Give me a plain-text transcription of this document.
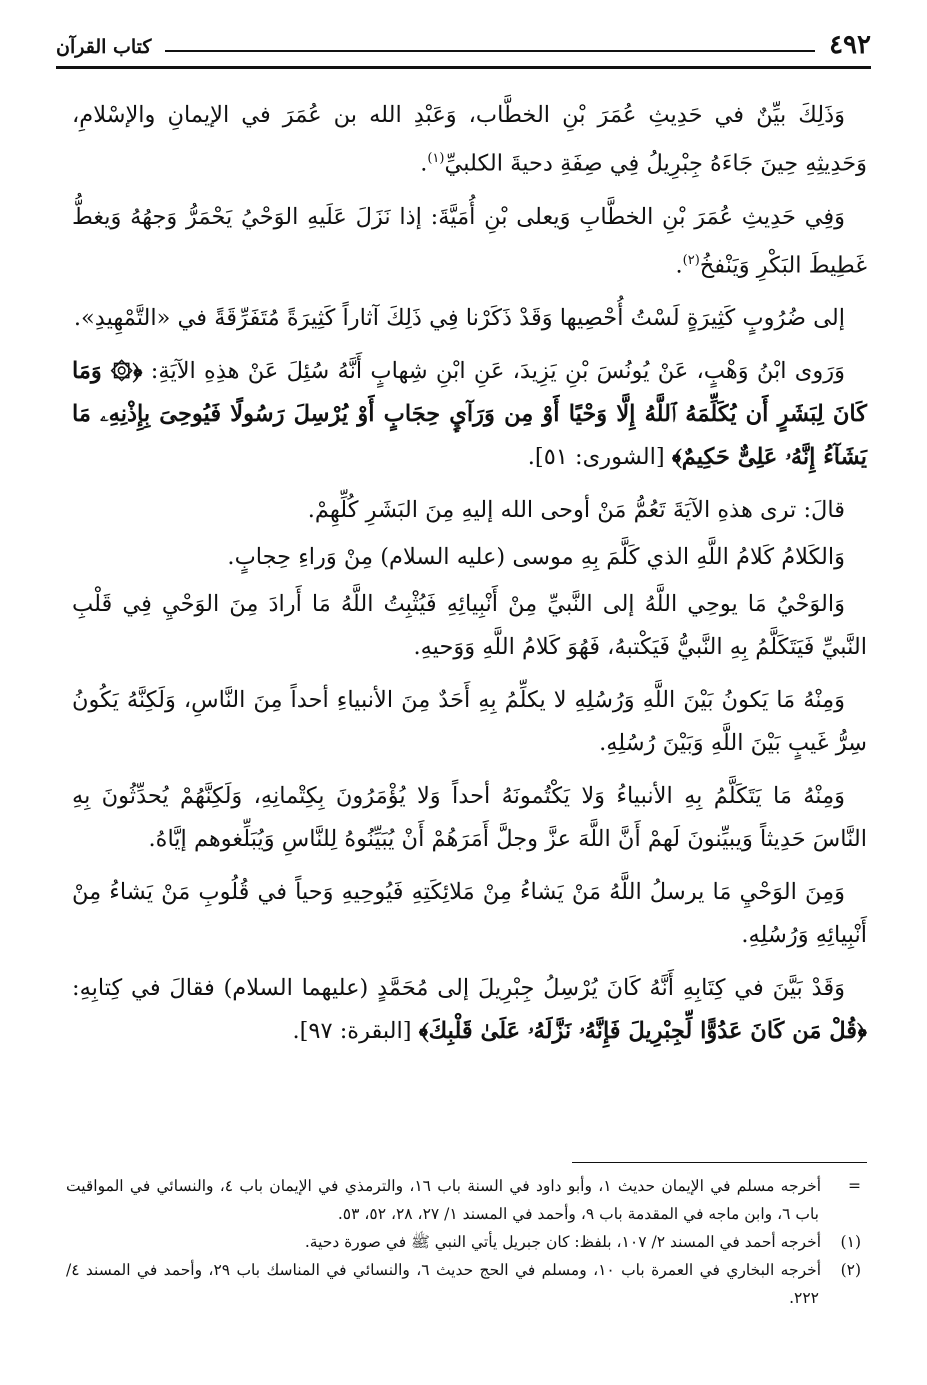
٤٩٢
كتاب القرآن

وَذَلِكَ بيِّنٌ في حَدِيثِ عُمَرَ بْنِ الخطَّاب، وَعَبْدِ الله بن عُمَرَ في الإيمانِ والإسْلامِ، وَحَدِيثِهِ حِينَ جَاءَهُ جِبْرِيلُ فِي صِفَةِ دحيةَ الكلبيِّ$^{(١)}$.

وَفِي حَدِيثِ عُمَرَ بْنِ الخطَّابِ وَيعلى بْنِ أُمَيَّةَ: إذا نَزَلَ عَلَيهِ الوَحْيُ يَحْمَرُّ وَجهُهُ وَيغطُّ غَطِيطَ البَكْرِ وَيَنْفخُ$^{(٢)}$.

إلى ضُرُوبٍ كَثِيرَةٍ لَسْتُ أُحْصِيها وَقَدْ ذَكَرْنا فِي ذَلِكَ آثاراً كَثِيرَةً مُتَفَرِّقَةً في «التَّمْهِيدِ».

وَرَوى ابْنُ وَهْبٍ، عَنْ يُونُسَ بْنِ يَزِيدَ، عَنِ ابْنِ شِهابٍ أَنَّهُ سُئِلَ عَنْ هذِهِ الآيَةِ: ﴿۞ وَمَا كَانَ لِبَشَرٍ أَن يُكَلِّمَهُ ٱللَّهُ إِلَّا وَحْيًا أَوْ مِن وَرَآيِٕ حِجَابٍ أَوْ يُرْسِلَ رَسُولًا فَيُوحِىَ بِإِذْنِهِۦ مَا يَشَآءُ إِنَّهُۥ عَلِىٌّ حَكِيمٌ﴾ [الشورى: ٥١].

قالَ: ترى هذهِ الآيَةَ تَعُمُّ مَنْ أوحى الله إليهِ مِنَ البَشَرِ كُلِّهِمْ.

وَالكَلامُ كَلامُ اللَّهِ الذي كَلَّمَ بِهِ موسى (عليه السلام) مِنْ وَراءِ حِجابٍ.

وَالوَحْيُ مَا يوحِي اللَّهُ إلى النَّبيِّ مِنْ أَنْبِيائِهِ فَيُثْبِتُ اللَّهُ مَا أَرادَ مِنَ الوَحْيِ فِي قَلْبِ النَّبيِّ فَيَتَكَلَّمُ بِهِ النَّبيُّ فَيَكْتبهُ، فَهُوَ كَلامُ اللَّهِ وَوَحيهِ.

وَمِنْهُ مَا يَكونُ بَيْنَ اللَّهِ وَرُسُلِهِ لا يكلِّمُ بِهِ أَحَدٌ مِنَ الأنبياءِ أحداً مِنَ النَّاسِ، وَلَكِنَّهُ يَكُونُ سِرُّ غَيبٍ بَيْنَ اللَّهِ وَبَيْنَ رُسُلِهِ.

وَمِنْهُ مَا يَتَكَلَّمُ بِهِ الأنبياءُ وَلا يَكْتُمونَهُ أحداً وَلا يُؤْمَرُونَ بِكِتْمانِهِ، وَلَكِنَّهُمْ يُحدِّثُونَ بِهِ النَّاسَ حَدِيثاً وَيبيِّنونَ لَهمْ أَنَّ اللَّهَ عزَّ وجلَّ أَمَرَهُمْ أَنْ يُبَيِّنُوهُ لِلنَّاسِ وَيُبَلِّغوهم إيَّاهُ.

وَمِنَ الوَحْيِ مَا يرسلُ اللَّهُ مَنْ يَشاءُ مِنْ مَلائِكَتِهِ فَيُوحِيهِ وَحياً في قُلُوبِ مَنْ يَشاءُ مِنْ أَنْبِيائِهِ وَرُسُلِهِ.

وَقَدْ بَيَّنَ في كِتَابِهِ أَنَّهُ كَانَ يُرْسِلُ جِبْرِيلَ إلى مُحَمَّدٍ (عليهما السلام) فقالَ في كِتابِهِ: ﴿قُلْ مَن كَانَ عَدُوًّا لِّجِبْرِيلَ فَإِنَّهُۥ نَزَّلَهُۥ عَلَىٰ قَلْبِكَ﴾ [البقرة: ٩٧].

=أخرجه مسلم في الإيمان حديث ١، وأبو داود في السنة باب ١٦، والترمذي في الإيمان باب ٤، والنسائي في المواقيت باب ٦، وابن ماجه في المقدمة باب ٩، وأحمد في المسند ١/ ٢٧، ٢٨، ٥٢، ٥٣.

(١)أخرجه أحمد في المسند ٢/ ١٠٧، بلفظ: كان جبريل يأتي النبي ﷺ في صورة دحية.

(٢)أخرجه البخاري في العمرة باب ١٠، ومسلم في الحج حديث ٦، والنسائي في المناسك باب ٢٩، وأحمد في المسند ٤/ ٢٢٢.
